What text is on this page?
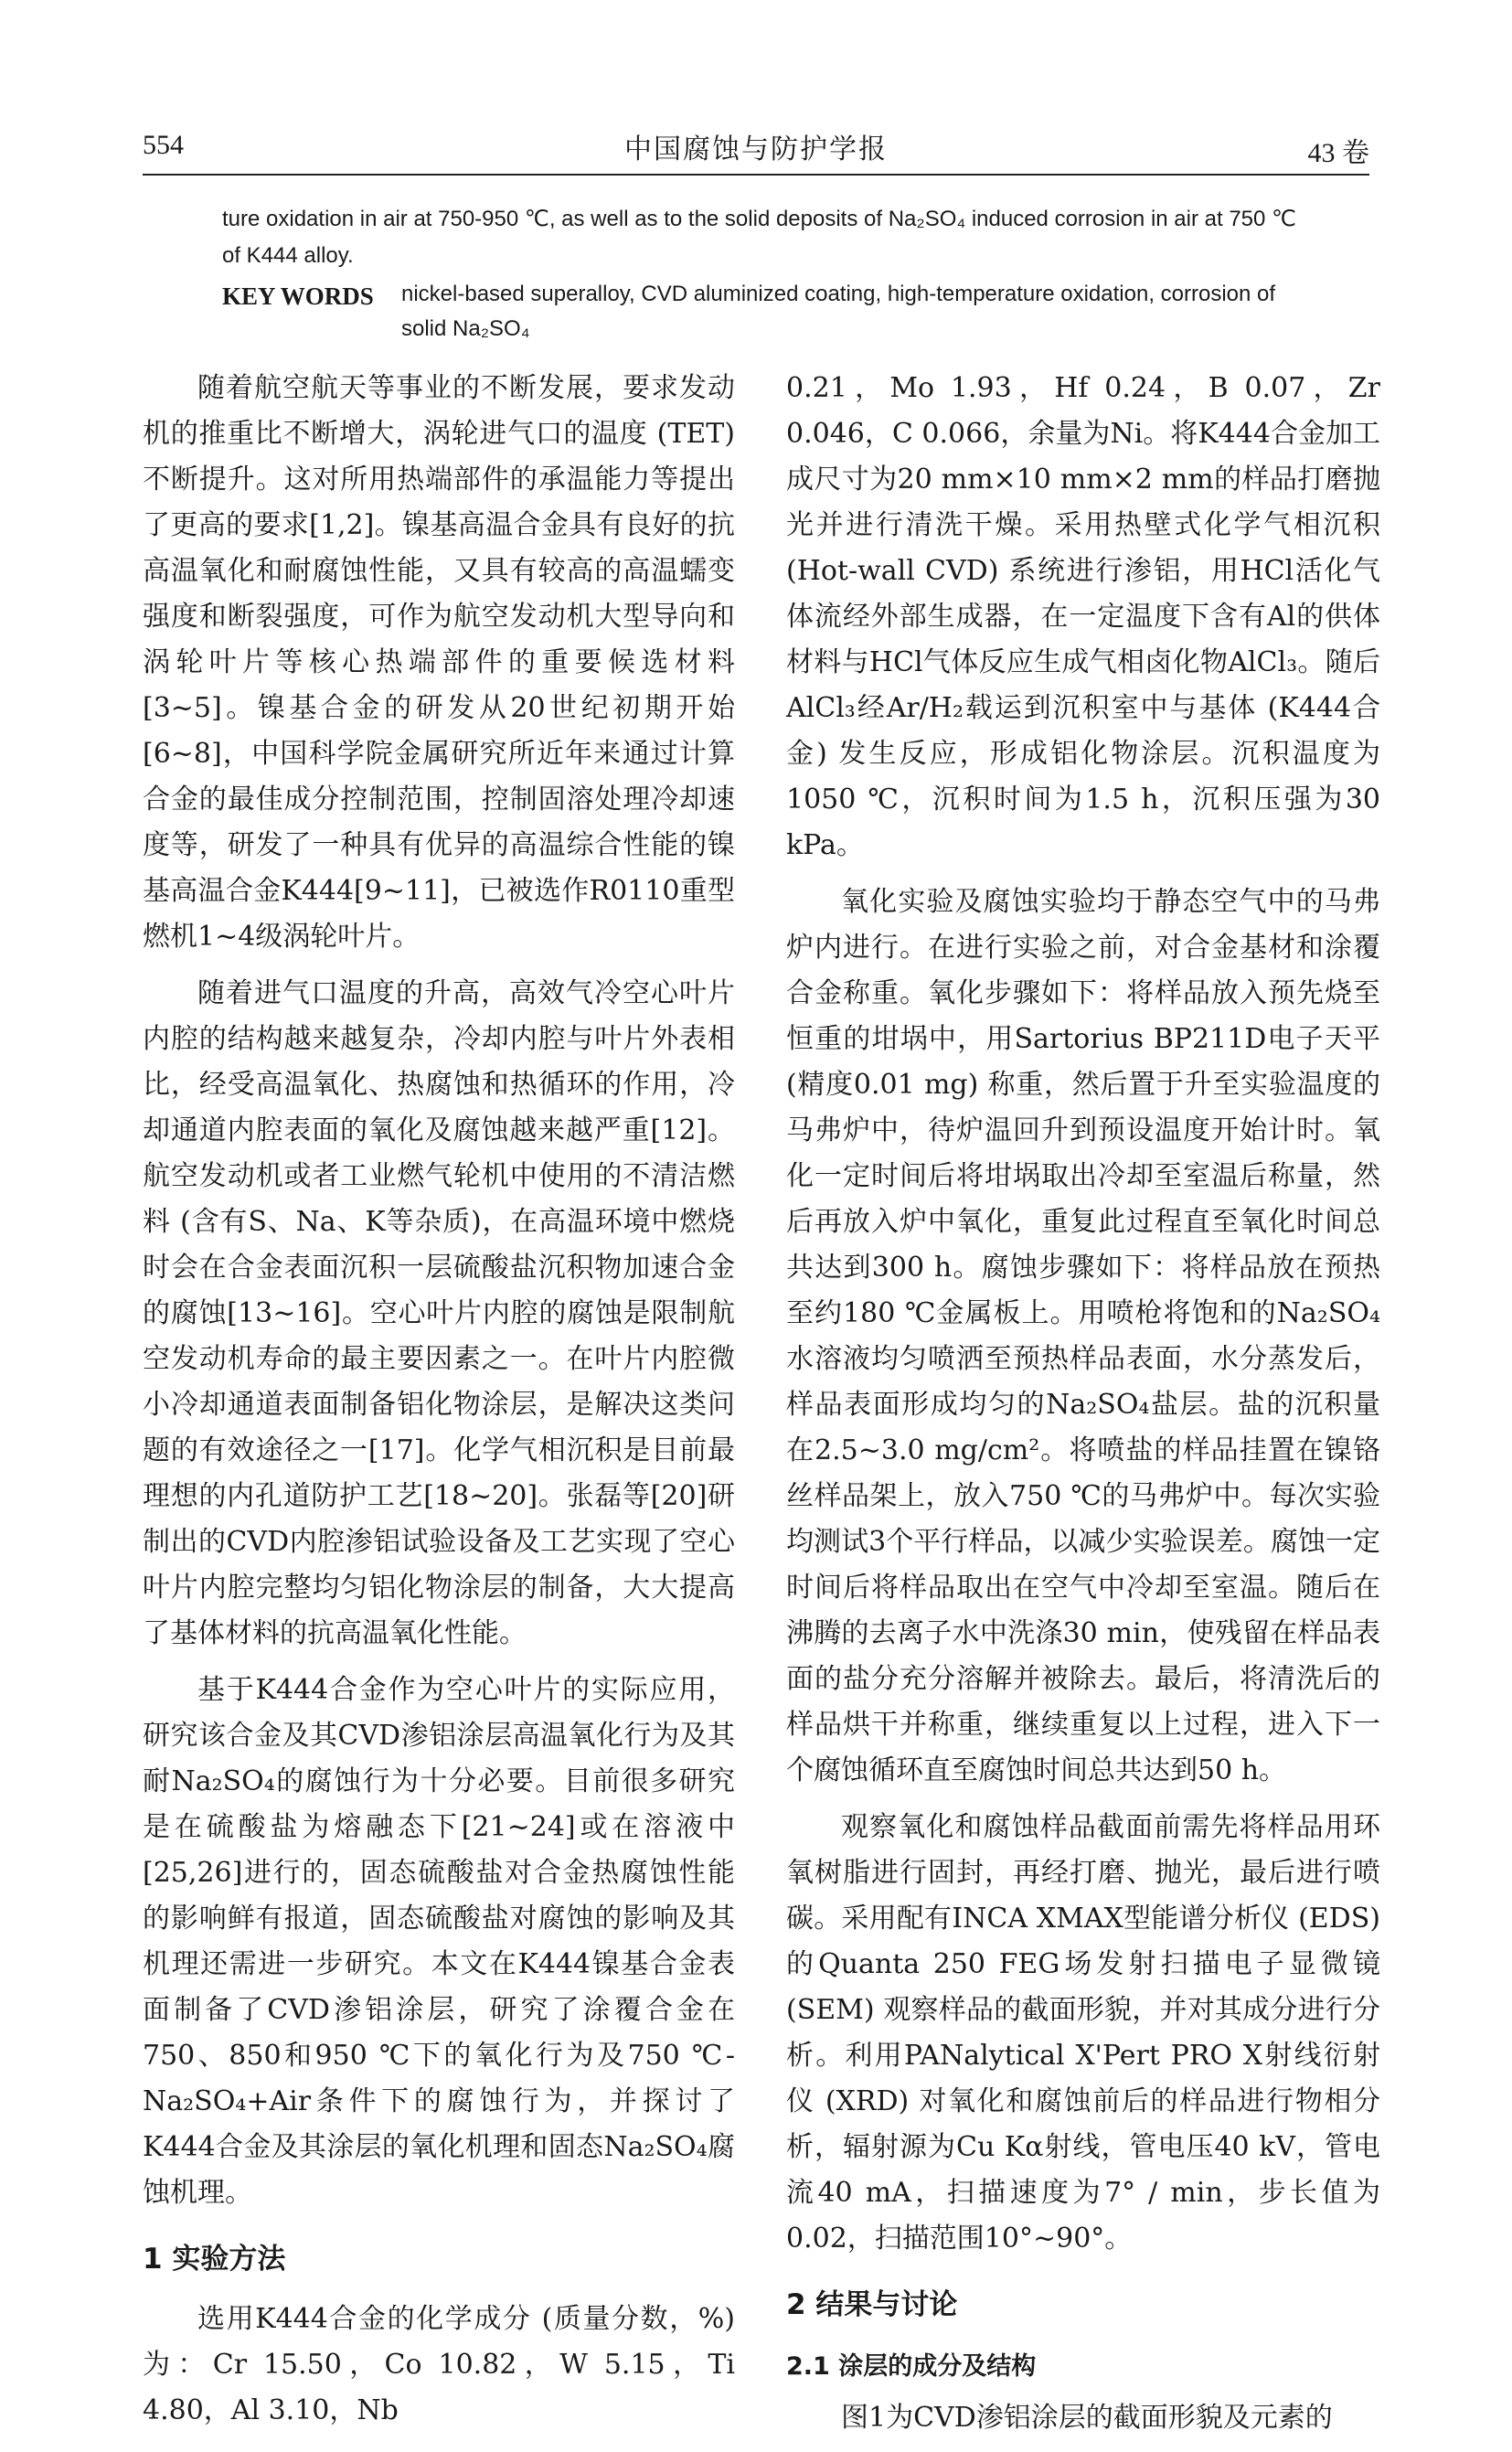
554	中国腐蚀与防护学报	43 卷
ture oxidation in air at 750-950 ℃, as well as to the solid deposits of Na₂SO₄ induced corrosion in air at 750 ℃ of K444 alloy.
KEY WORDS nickel-based superalloy, CVD aluminized coating, high-temperature oxidation, corrosion of solid Na₂SO₄

随着航空航天等事业的不断发展，要求发动机的推重比不断增大，涡轮进气口的温度 (TET) 不断提升。这对所用热端部件的承温能力等提出了更高的要求[1,2]。镍基高温合金具有良好的抗高温氧化和耐腐蚀性能，又具有较高的高温蠕变强度和断裂强度，可作为航空发动机大型导向和涡轮叶片等核心热端部件的重要候选材料[3~5]。镍基合金的研发从20世纪初期开始[6~8]，中国科学院金属研究所近年来通过计算合金的最佳成分控制范围，控制固溶处理冷却速度等，研发了一种具有优异的高温综合性能的镍基高温合金K444[9~11]，已被选作R0110重型燃机1~4级涡轮叶片。

随着进气口温度的升高，高效气冷空心叶片内腔的结构越来越复杂，冷却内腔与叶片外表相比，经受高温氧化、热腐蚀和热循环的作用，冷却通道内腔表面的氧化及腐蚀越来越严重[12]。航空发动机或者工业燃气轮机中使用的不清洁燃料 (含有S、Na、K等杂质)，在高温环境中燃烧时会在合金表面沉积一层硫酸盐沉积物加速合金的腐蚀[13~16]。空心叶片内腔的腐蚀是限制航空发动机寿命的最主要因素之一。在叶片内腔微小冷却通道表面制备铝化物涂层，是解决这类问题的有效途径之一[17]。化学气相沉积是目前最理想的内孔道防护工艺[18~20]。张磊等[20]研制出的CVD内腔渗铝试验设备及工艺实现了空心叶片内腔完整均匀铝化物涂层的制备，大大提高了基体材料的抗高温氧化性能。

基于K444合金作为空心叶片的实际应用，研究该合金及其CVD渗铝涂层高温氧化行为及其耐Na₂SO₄的腐蚀行为十分必要。目前很多研究是在硫酸盐为熔融态下[21~24]或在溶液中[25,26]进行的，固态硫酸盐对合金热腐蚀性能的影响鲜有报道，固态硫酸盐对腐蚀的影响及其机理还需进一步研究。本文在K444镍基合金表面制备了CVD渗铝涂层，研究了涂覆合金在750、850和950 ℃下的氧化行为及750 ℃-Na₂SO₄+Air条件下的腐蚀行为，并探讨了K444合金及其涂层的氧化机理和固态Na₂SO₄腐蚀机理。

1 实验方法

选用K444合金的化学成分 (质量分数，%) 为：Cr 15.50，Co 10.82，W 5.15，Ti 4.80，Al 3.10，Nb

0.21，Mo 1.93，Hf 0.24，B 0.07，Zr 0.046，C 0.066，余量为Ni。将K444合金加工成尺寸为20 mm×10 mm×2 mm的样品打磨抛光并进行清洗干燥。采用热壁式化学气相沉积 (Hot-wall CVD) 系统进行渗铝，用HCl活化气体流经外部生成器，在一定温度下含有Al的供体材料与HCl气体反应生成气相卤化物AlCl₃。随后AlCl₃经Ar/H₂载运到沉积室中与基体 (K444合金) 发生反应，形成铝化物涂层。沉积温度为1050 ℃，沉积时间为1.5 h，沉积压强为30 kPa。

氧化实验及腐蚀实验均于静态空气中的马弗炉内进行。在进行实验之前，对合金基材和涂覆合金称重。氧化步骤如下：将样品放入预先烧至恒重的坩埚中，用Sartorius BP211D电子天平 (精度0.01 mg) 称重，然后置于升至实验温度的马弗炉中，待炉温回升到预设温度开始计时。氧化一定时间后将坩埚取出冷却至室温后称量，然后再放入炉中氧化，重复此过程直至氧化时间总共达到300 h。腐蚀步骤如下：将样品放在预热至约180 ℃金属板上。用喷枪将饱和的Na₂SO₄水溶液均匀喷洒至预热样品表面，水分蒸发后，样品表面形成均匀的Na₂SO₄盐层。盐的沉积量在2.5~3.0 mg/cm²。将喷盐的样品挂置在镍铬丝样品架上，放入750 ℃的马弗炉中。每次实验均测试3个平行样品，以减少实验误差。腐蚀一定时间后将样品取出在空气中冷却至室温。随后在沸腾的去离子水中洗涤30 min，使残留在样品表面的盐分充分溶解并被除去。最后，将清洗后的样品烘干并称重，继续重复以上过程，进入下一个腐蚀循环直至腐蚀时间总共达到50 h。

观察氧化和腐蚀样品截面前需先将样品用环氧树脂进行固封，再经打磨、抛光，最后进行喷碳。采用配有INCA XMAX型能谱分析仪 (EDS) 的Quanta 250 FEG场发射扫描电子显微镜 (SEM) 观察样品的截面形貌，并对其成分进行分析。利用PANalytical X'Pert PRO X射线衍射仪 (XRD) 对氧化和腐蚀前后的样品进行物相分析，辐射源为Cu Kα射线，管电压40 kV，管电流40 mA，扫描速度为7° / min，步长值为0.02，扫描范围10°~90°。

2 结果与讨论
2.1 涂层的成分及结构

图1为CVD渗铝涂层的截面形貌及元素的
